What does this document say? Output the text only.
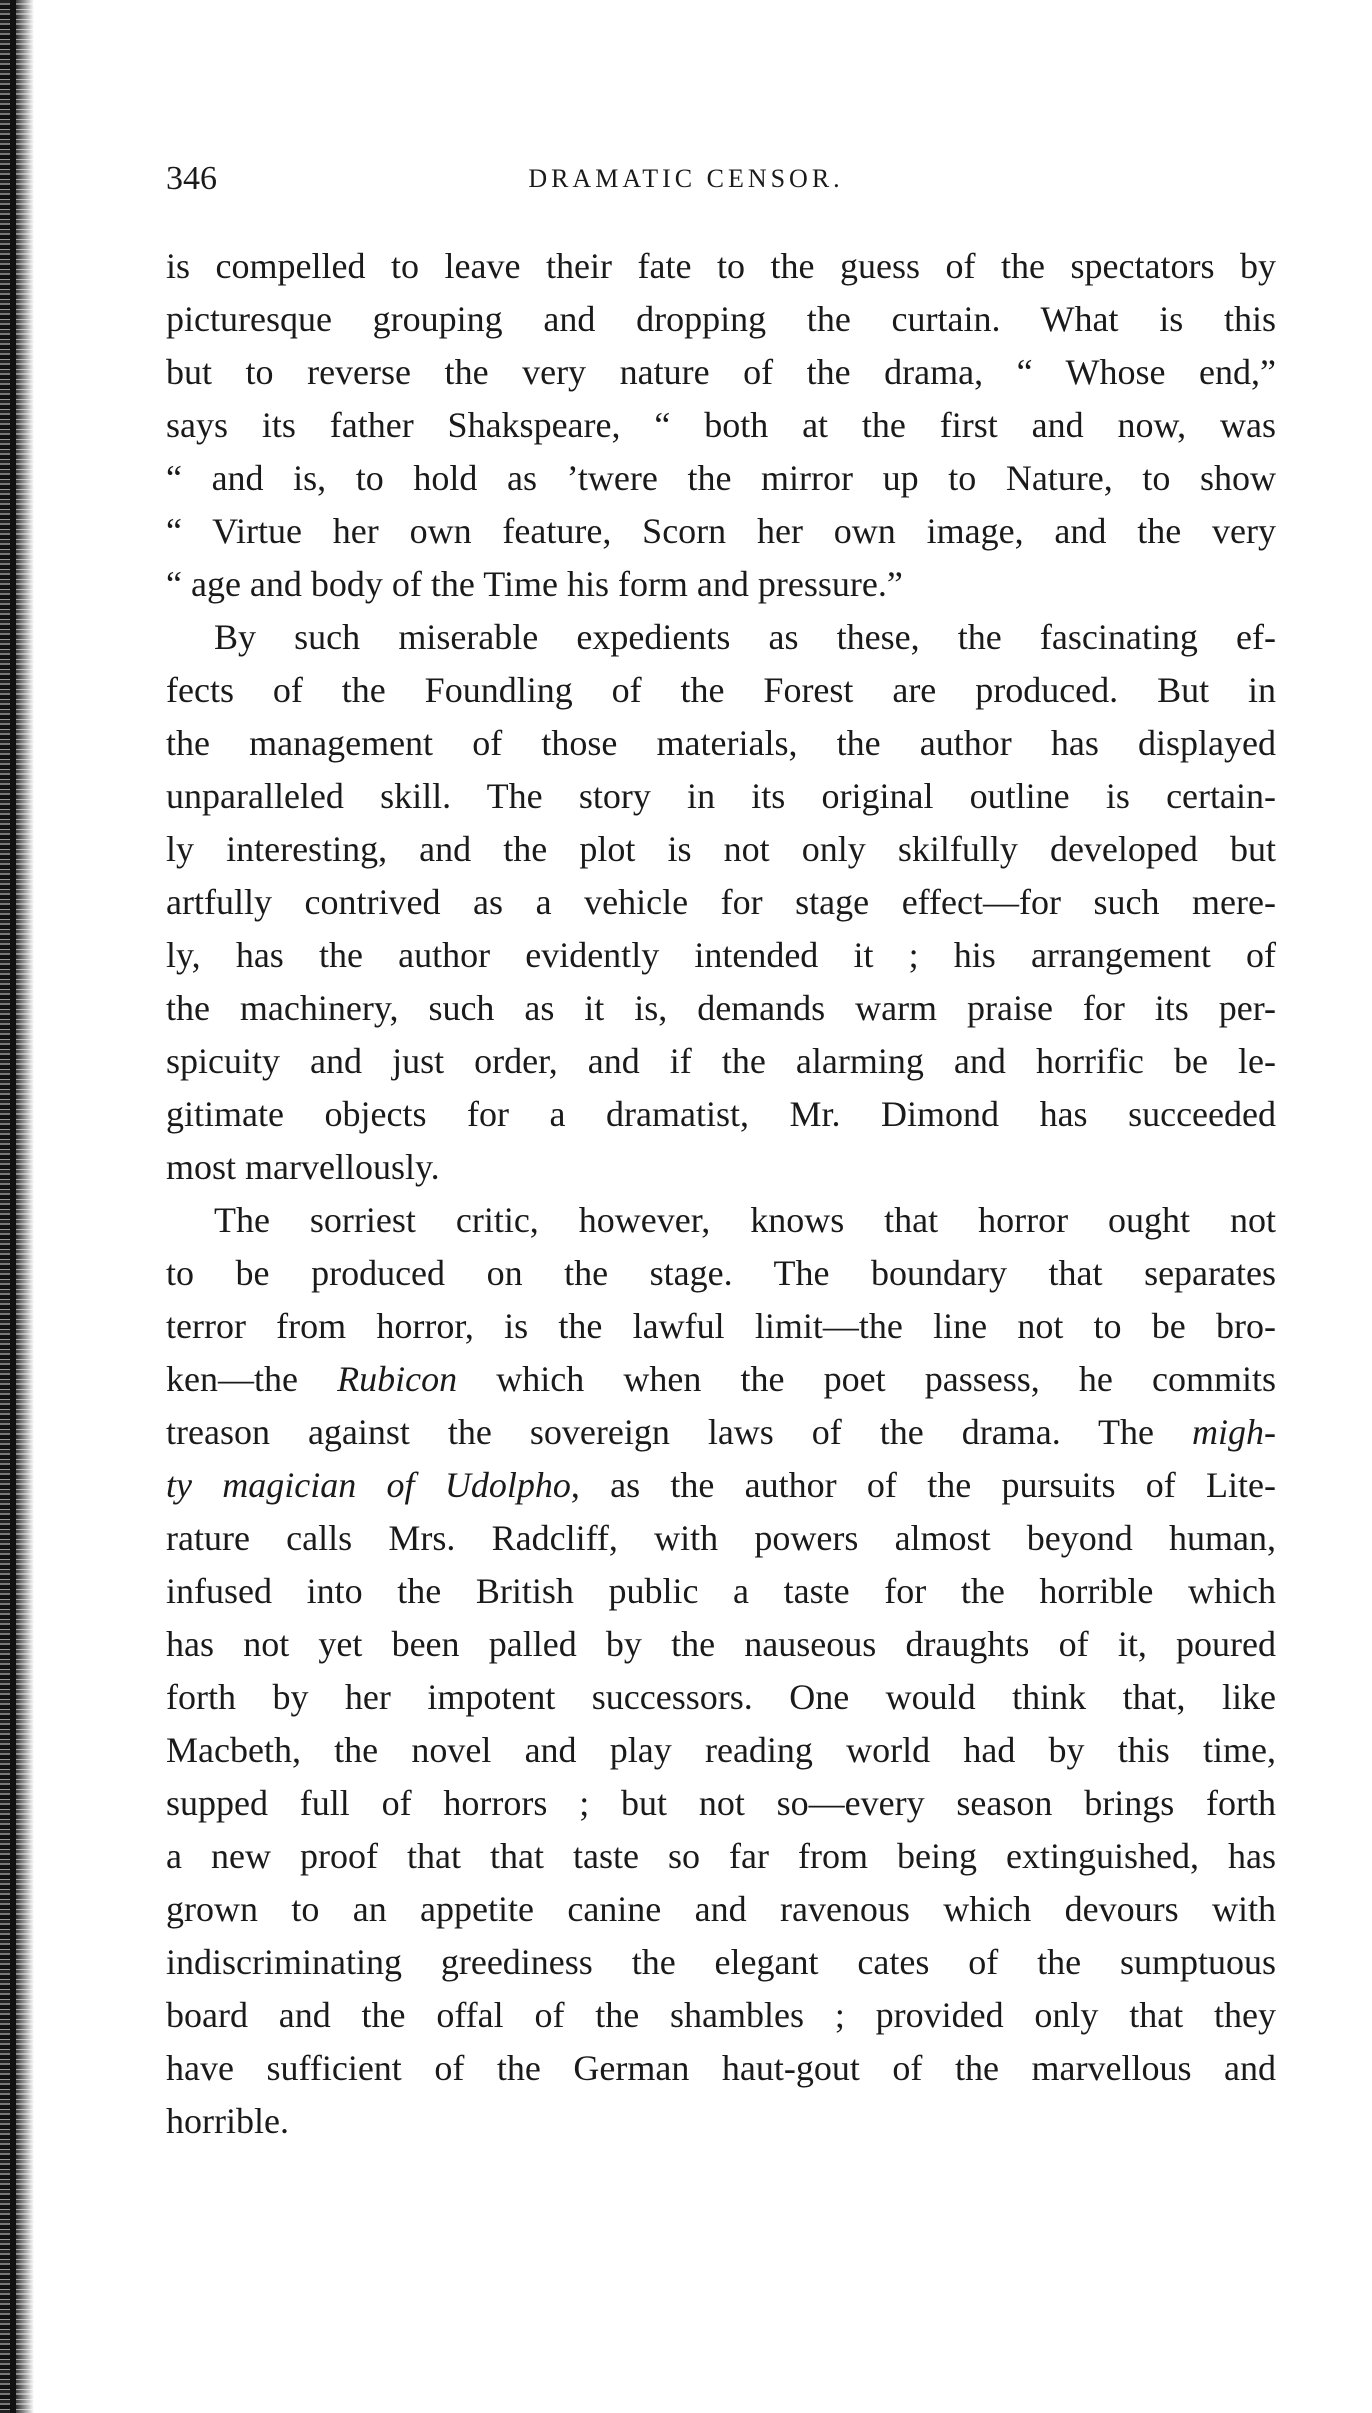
346	DRAMATIC CENSOR.
is compelled to leave their fate to the guess of the spectators by
picturesque grouping and dropping the curtain. What is this
but to reverse the very nature of the drama, “ Whose end,”
says its father Shakspeare, “ both at the first and now, was
“ and is, to hold as ’twere the mirror up to Nature, to show
“ Virtue her own feature, Scorn her own image, and the very
“ age and body of the Time his form and pressure.”
By such miserable expedients as these, the fascinating ef-
fects of the Foundling of the Forest are produced. But in
the management of those materials, the author has displayed
unparalleled skill. The story in its original outline is certain-
ly interesting, and the plot is not only skilfully developed but
artfully contrived as a vehicle for stage effect—for such mere-
ly, has the author evidently intended it ; his arrangement of
the machinery, such as it is, demands warm praise for its per-
spicuity and just order, and if the alarming and horrific be le-
gitimate objects for a dramatist, Mr. Dimond has succeeded
most marvellously.
The sorriest critic, however, knows that horror ought not
to be produced on the stage. The boundary that separates
terror from horror, is the lawful limit—the line not to be bro-
ken—the Rubicon which when the poet passess, he commits
treason against the sovereign laws of the drama. The migh-
ty magician of Udolpho, as the author of the pursuits of Lite-
rature calls Mrs. Radcliff, with powers almost beyond human,
infused into the British public a taste for the horrible which
has not yet been palled by the nauseous draughts of it, poured
forth by her impotent successors. One would think that, like
Macbeth, the novel and play reading world had by this time,
supped full of horrors ; but not so—every season brings forth
a new proof that that taste so far from being extinguished, has
grown to an appetite canine and ravenous which devours with
indiscriminating greediness the elegant cates of the sumptuous
board and the offal of the shambles ; provided only that they
have sufficient of the German haut-gout of the marvellous and
horrible.
